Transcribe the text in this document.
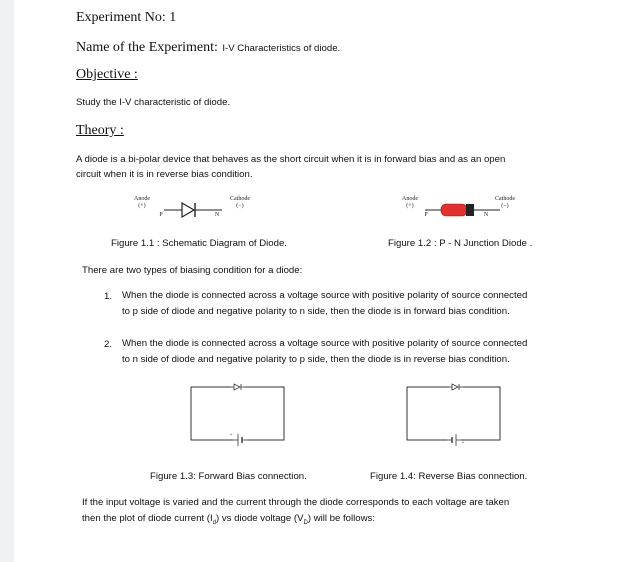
Experiment No: 1
Name of the Experiment: I-V Characteristics of diode.
Objective :
Study the I-V characteristic of diode.
Theory :
A diode is a bi-polar device that behaves as the short circuit when it is in forward bias and as an open
circuit when it is in reverse bias condition.
Anode
(+)
Cathode
(−)
P	N
Figure 1.1 : Schematic Diagram of Diode.
Anode
(+)
Cathode
(−)
P	N
Figure 1.2 : P - N Junction Diode .
There are two types of biasing condition for a diode:
1. When the diode is connected across a voltage source with positive polarity of source connected
to p side of diode and negative polarity to n side, then the diode is in forward bias condition.
2. When the diode is connected across a voltage source with positive polarity of source connected
to n side of diode and negative polarity to p side, then the diode is in reverse bias condition.
+
+
Figure 1.3: Forward Bias connection.	Figure 1.4: Reverse Bias connection.
If the input voltage is varied and the current through the diode corresponds to each voltage are taken
then the plot of diode current $(I_d)$ vs diode voltage $(V_D)$ will be follows:
